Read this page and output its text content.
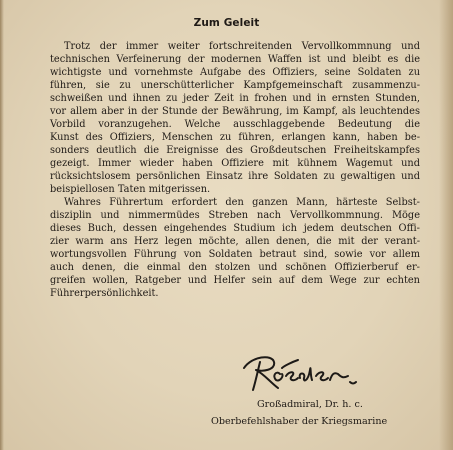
Zum Geleit
Trotz der immer weiter fortschreitenden Vervollkommnung und
technischen Verfeinerung der modernen Waffen ist und bleibt es die
wichtigste und vornehmste Aufgabe des Offiziers, seine Soldaten zu
führen, sie zu unerschütterlicher Kampfgemeinschaft zusammenzu-
schweißen und ihnen zu jeder Zeit in frohen und in ernsten Stunden,
vor allem aber in der Stunde der Bewährung, im Kampf, als leuchtendes
Vorbild voranzugehen. Welche ausschlaggebende Bedeutung die
Kunst des Offiziers, Menschen zu führen, erlangen kann, haben be-
sonders deutlich die Ereignisse des Großdeutschen Freiheitskampfes
gezeigt. Immer wieder haben Offiziere mit kühnem Wagemut und
rücksichtslosem persönlichen Einsatz ihre Soldaten zu gewaltigen und
beispiellosen Taten mitgerissen.
Wahres Führertum erfordert den ganzen Mann, härteste Selbst-
disziplin und nimmermüdes Streben nach Vervollkommnung. Möge
dieses Buch, dessen eingehendes Studium ich jedem deutschen Offi-
zier warm ans Herz legen möchte, allen denen, die mit der verant-
wortungsvollen Führung von Soldaten betraut sind, sowie vor allem
auch denen, die einmal den stolzen und schönen Offizierberuf er-
greifen wollen, Ratgeber und Helfer sein auf dem Wege zur echten
Führerpersönlichkeit.
Großadmiral, Dr. h. c.
Oberbefehlshaber der Kriegsmarine
